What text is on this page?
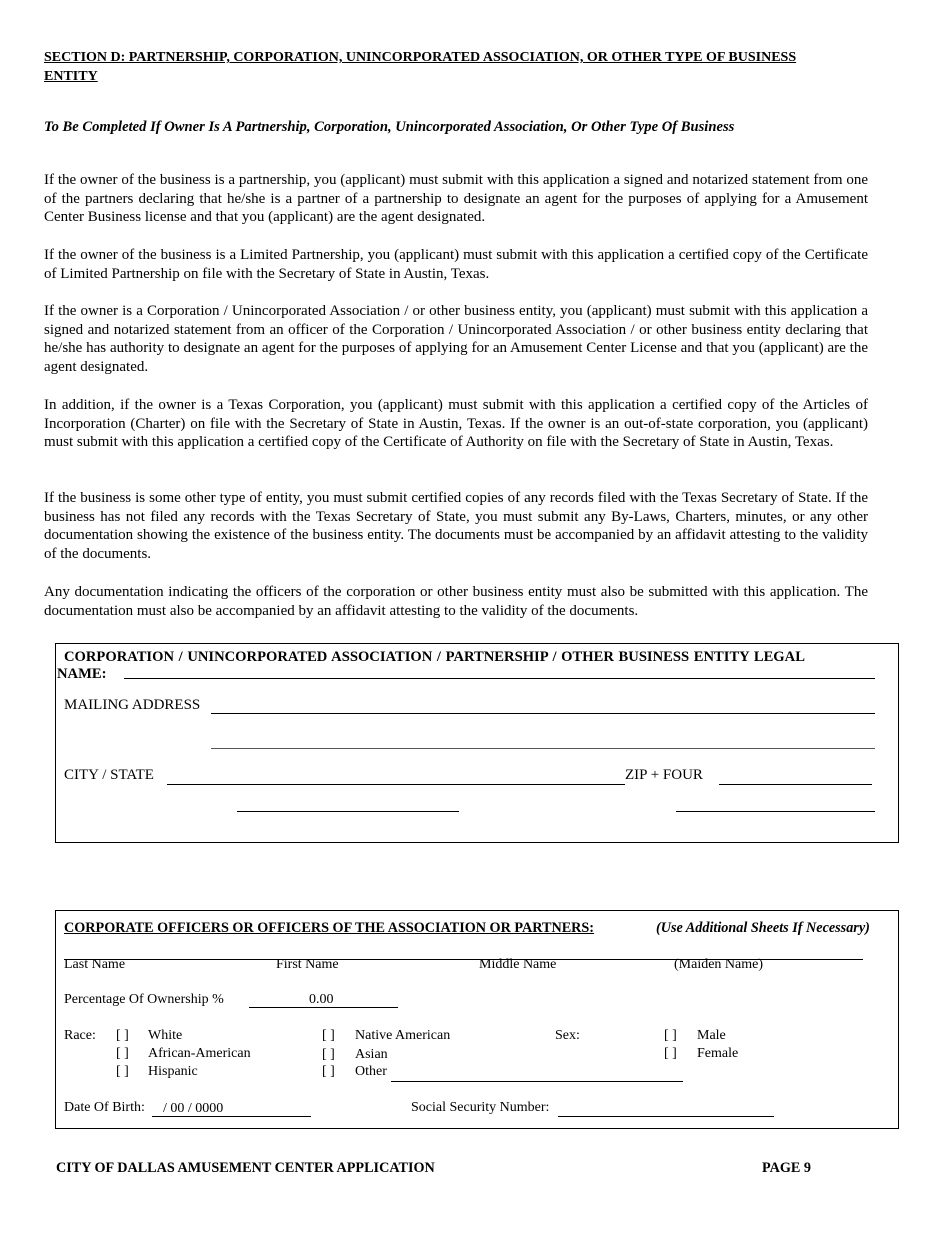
SECTION D: PARTNERSHIP, CORPORATION, UNINCORPORATED ASSOCIATION, OR OTHER TYPE OF BUSINESS ENTITY
To Be Completed If Owner Is A Partnership, Corporation, Unincorporated Association, Or Other Type Of Business
If the owner of the business is a partnership, you (applicant) must submit with this application a signed and notarized statement from one of the partners declaring that he/she is a partner of a partnership to designate an agent for the purposes of applying for a Amusement Center Business license and that you (applicant) are the agent designated.
If the owner of the business is a Limited Partnership, you (applicant) must submit with this application a certified copy of the Certificate of Limited Partnership on file with the Secretary of State in Austin, Texas.
If the owner is a Corporation / Unincorporated Association / or other business entity, you (applicant) must submit with this application a signed and notarized statement from an officer of the Corporation / Unincorporated Association / or other business entity declaring that he/she has authority to designate an agent for the purposes of applying for an Amusement Center License and that you (applicant) are the agent designated.
In addition, if the owner is a Texas Corporation, you (applicant) must submit with this application a certified copy of the Articles of Incorporation (Charter) on file with the Secretary of State in Austin, Texas. If the owner is an out-of-state corporation, you (applicant) must submit with this application a certified copy of the Certificate of Authority on file with the Secretary of State in Austin, Texas.
If the business is some other type of entity, you must submit certified copies of any records filed with the Texas Secretary of State. If the business has not filed any records with the Texas Secretary of State, you must submit any By-Laws, Charters, minutes, or any other documentation showing the existence of the business entity. The documents must be accompanied by an affidavit attesting to the validity of the documents.
Any documentation indicating the officers of the corporation or other business entity must also be submitted with this application. The documentation must also be accompanied by an affidavit attesting to the validity of the documents.
CORPORATION / UNINCORPORATED ASSOCIATION / PARTNERSHIP / OTHER BUSINESS ENTITY LEGAL
NAME:
MAILING ADDRESS
CITY / STATE	ZIP + FOUR
CORPORATE OFFICERS OR OFFICERS OF THE ASSOCIATION OR PARTNERS:	(Use Additional Sheets If Necessary)
Last Name	First Name	Middle Name	(Maiden Name)
Percentage Of Ownership %	0.00
Race: [ ] White
[ ] African-American
[ ] Hispanic
[ ] Native American
[ ] Asian
[ ] Other
Sex:	[ ] Male
[ ] Female
Date Of Birth: / 00 / 0000	Social Security Number:
CITY OF DALLAS AMUSEMENT CENTER APPLICATION	PAGE 9
